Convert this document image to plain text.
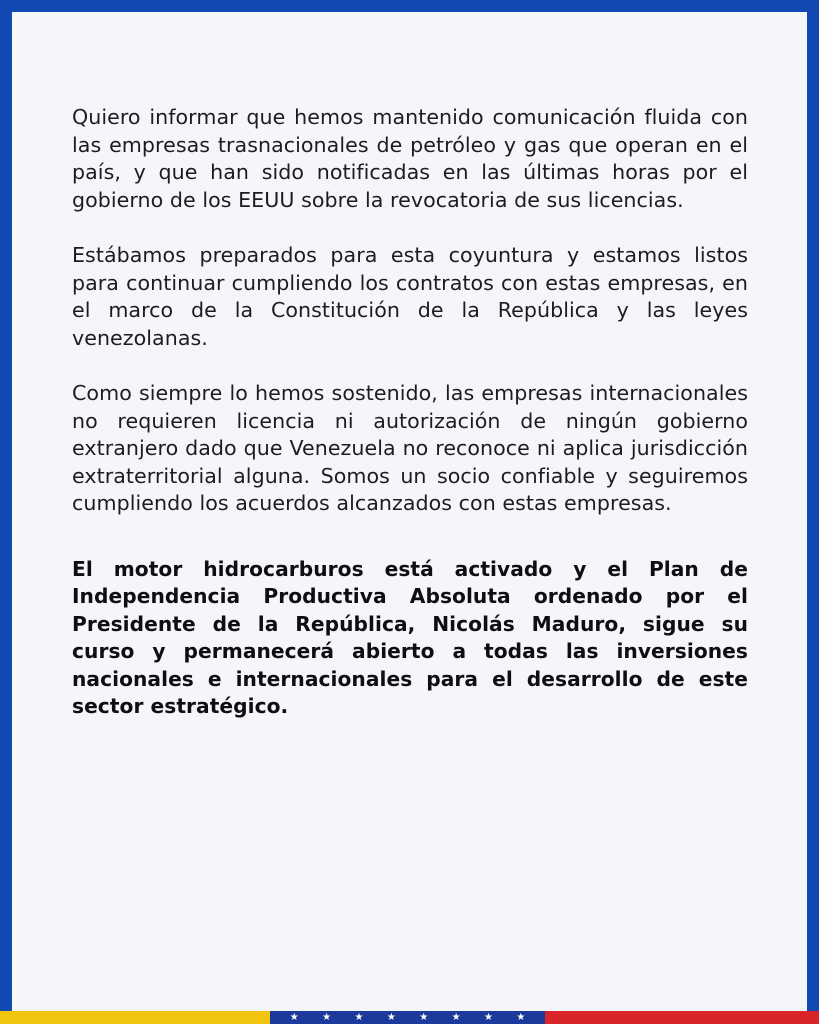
Quiero informar que hemos mantenido comunicación fluida con las empresas trasnacionales de petróleo y gas que operan en el país, y que han sido notificadas en las últimas horas por el gobierno de los EEUU sobre la revocatoria de sus licencias.

Estábamos preparados para esta coyuntura y estamos listos para continuar cumpliendo los contratos con estas empresas, en el marco de la Constitución de la República y las leyes venezolanas.

Como siempre lo hemos sostenido, las empresas internacionales no requieren licencia ni autorización de ningún gobierno extranjero dado que Venezuela no reconoce ni aplica jurisdicción extraterritorial alguna. Somos un socio confiable y seguiremos cumpliendo los acuerdos alcanzados con estas empresas.

El motor hidrocarburos está activado y el Plan de Independencia Productiva Absoluta ordenado por el Presidente de la República, Nicolás Maduro, sigue su curso y permanecerá abierto a todas las inversiones nacionales e internacionales para el desarrollo de este sector estratégico.

★ ★ ★ ★ ★ ★ ★ ★
